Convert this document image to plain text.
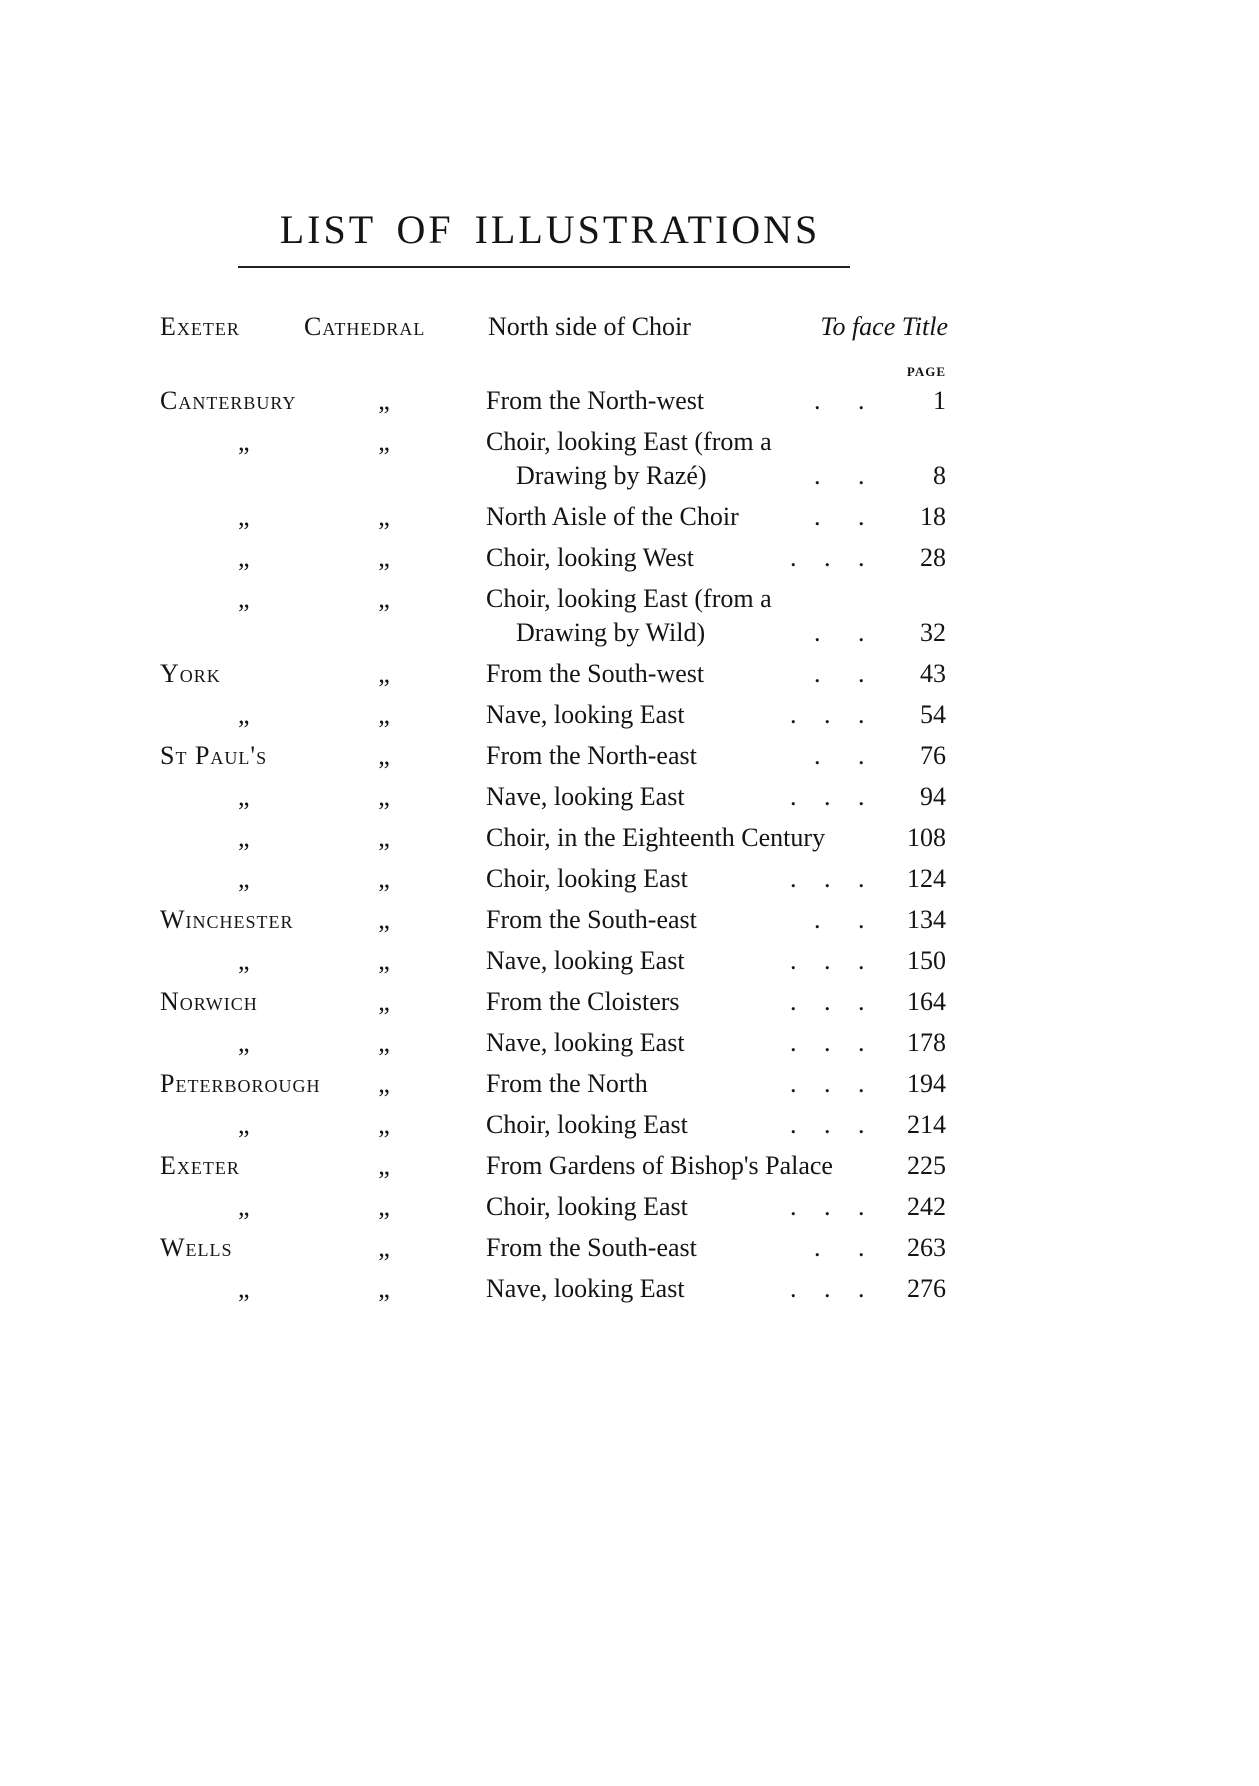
LIST OF ILLUSTRATIONS
Exeter Cathedral North side of Choir	To face Title
PAGE
Canterbury	„	From the North-west	. .	1
„	„	Choir, looking East (from a
Drawing by Razé)	. .	8
„	„	North Aisle of the Choir	. .	18
„	„	Choir, looking West	. . .	28
„	„	Choir, looking East (from a
Drawing by Wild)	. .	32
York	„	From the South-west	. .	43
„	„	Nave, looking East	. . .	54
St Paul's	„	From the North-east	. .	76
„	„	Nave, looking East	. . .	94
„	„	Choir, in the Eighteenth Century	108
„	„	Choir, looking East	. . .	124
Winchester	„	From the South-east	. .	134
„	„	Nave, looking East	. . .	150
Norwich	„	From the Cloisters	. . .	164
„	„	Nave, looking East	. . .	178
Peterborough	„	From the North	. . .	194
„	„	Choir, looking East	. . .	214
Exeter	„	From Gardens of Bishop's Palace	225
„	„	Choir, looking East	. . .	242
Wells	„	From the South-east	. .	263
„	„	Nave, looking East	. . .	276
